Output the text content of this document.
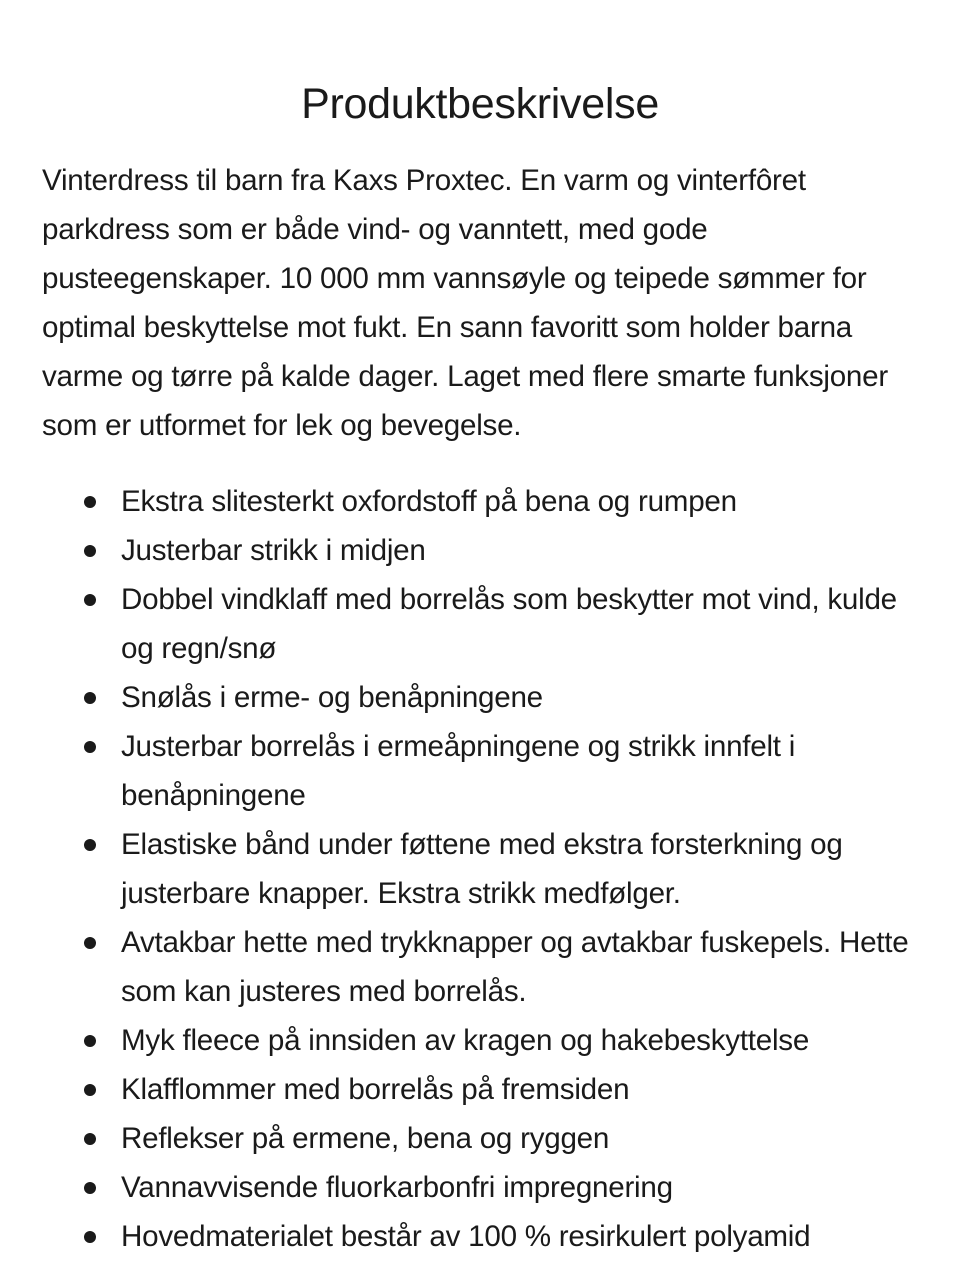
Produktbeskrivelse

Vinterdress til barn fra Kaxs Proxtec. En varm og vinterfôret parkdress som er både vind- og vanntett, med gode pusteegenskaper. 10 000 mm vannsøyle og teipede sømmer for optimal beskyttelse mot fukt. En sann favoritt som holder barna varme og tørre på kalde dager. Laget med flere smarte funksjoner som er utformet for lek og bevegelse.

Ekstra slitesterkt oxfordstoff på bena og rumpen
Justerbar strikk i midjen
Dobbel vindklaff med borrelås som beskytter mot vind, kulde og regn/snø
Snølås i erme- og benåpningene
Justerbar borrelås i ermeåpningene og strikk innfelt i benåpningene
Elastiske bånd under føttene med ekstra forsterkning og justerbare knapper. Ekstra strikk medfølger.
Avtakbar hette med trykknapper og avtakbar fuskepels. Hette som kan justeres med borrelås.
Myk fleece på innsiden av kragen og hakebeskyttelse
Klafflommer med borrelås på fremsiden
Reflekser på ermene, bena og ryggen
Vannavvisende fluorkarbonfri impregnering
Hovedmaterialet består av 100 % resirkulert polyamid
